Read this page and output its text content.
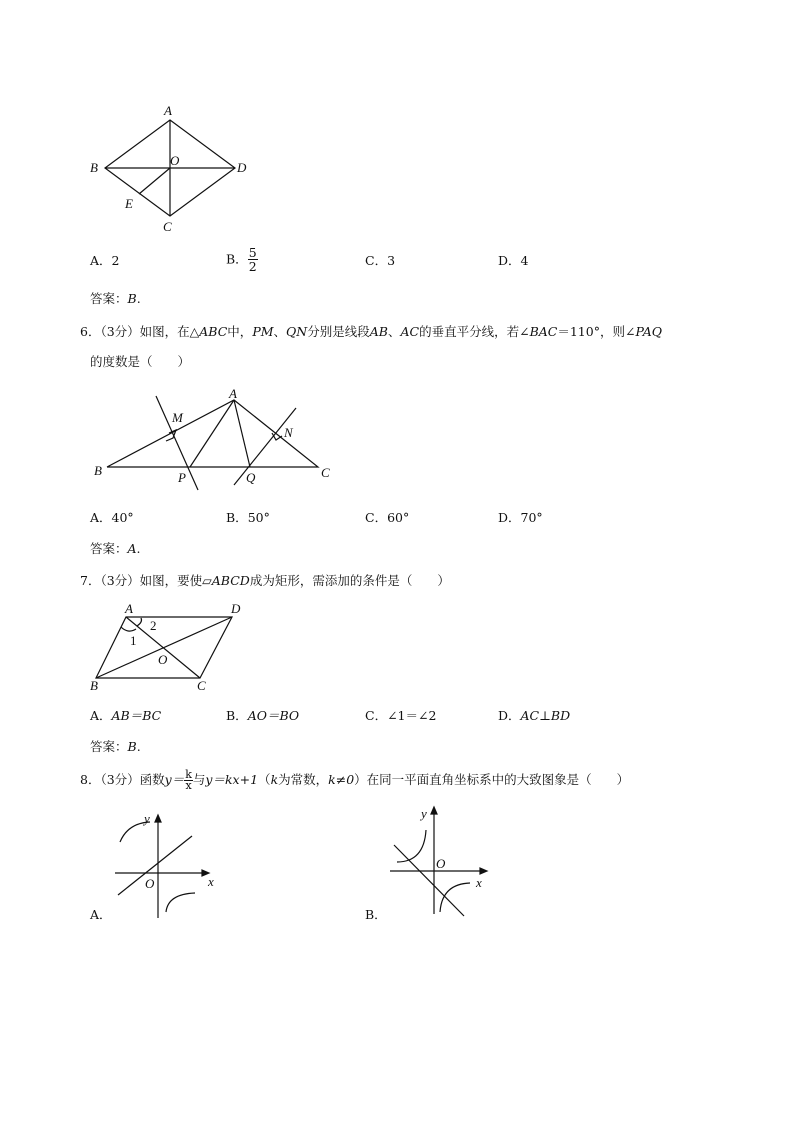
A
B	O	D
E
C
A．2	B． $\frac{5}{2}$	C．3	D．4
答案：B.
6．（3分）如图，在△ABC中，PM、QN分别是线段AB、AC的垂直平分线，若∠BAC＝110°，则∠PAQ
的度数是（　　）
A
M
N
B	P	Q	C
A．40°	B．50°	C．60°	D．70°
答案：A.
7．（3分）如图，要使▱ABCD成为矩形，需添加的条件是（　　）
A	D
2
1
O
B	C
A．AB＝BC	B．AO＝BO	C．∠1＝∠2	D．AC⊥BD
答案：B.
8．（3分）函数$y= \frac{k}{x}$ 与y＝kx+1（k为常数，k≠0）在同一平面直角坐标系中的大致图象是（　　）
y
O	x
A．
y
O
x
B．
